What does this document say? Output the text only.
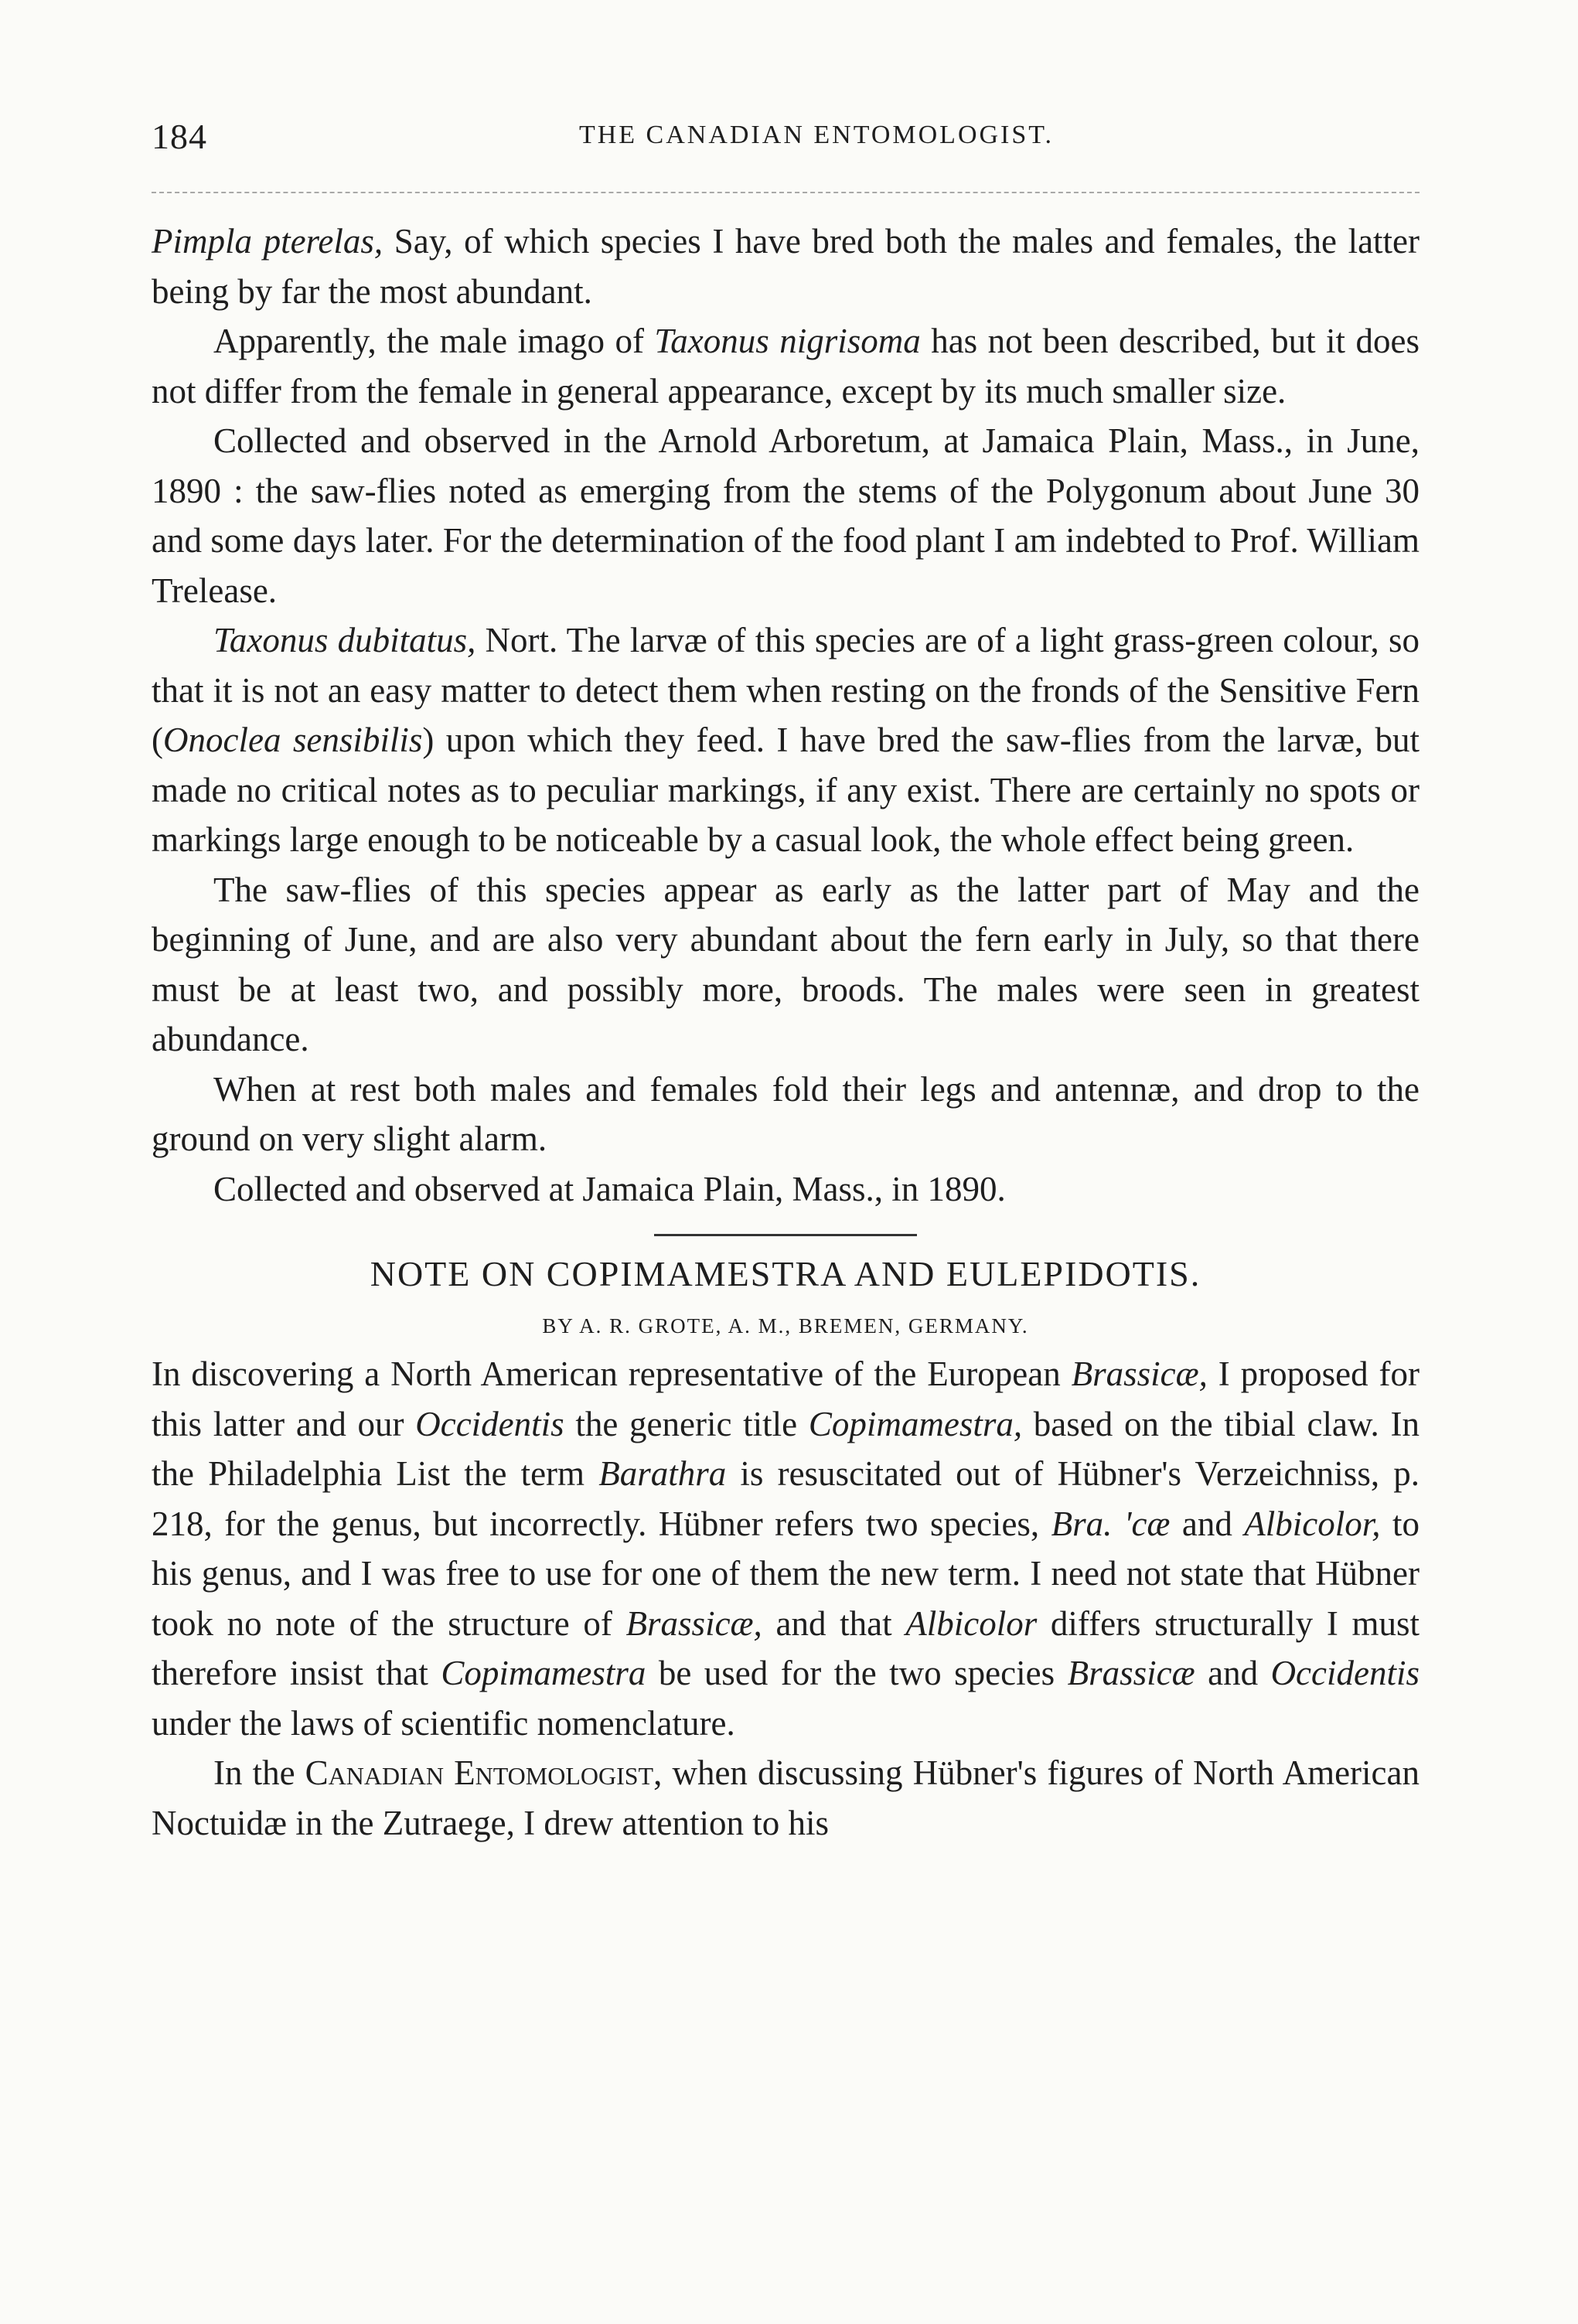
184	THE CANADIAN ENTOMOLOGIST.

Pimpla pterelas, Say, of which species I have bred both the males and females, the latter being by far the most abundant.

Apparently, the male imago of Taxonus nigrisoma has not been described, but it does not differ from the female in general appearance, except by its much smaller size.

Collected and observed in the Arnold Arboretum, at Jamaica Plain, Mass., in June, 1890 : the saw-flies noted as emerging from the stems of the Polygonum about June 30 and some days later. For the determination of the food plant I am indebted to Prof. William Trelease.

Taxonus dubitatus, Nort. The larvæ of this species are of a light grass-green colour, so that it is not an easy matter to detect them when resting on the fronds of the Sensitive Fern (Onoclea sensibilis) upon which they feed. I have bred the saw-flies from the larvæ, but made no critical notes as to peculiar markings, if any exist. There are certainly no spots or markings large enough to be noticeable by a casual look, the whole effect being green.

The saw-flies of this species appear as early as the latter part of May and the beginning of June, and are also very abundant about the fern early in July, so that there must be at least two, and possibly more, broods. The males were seen in greatest abundance.

When at rest both males and females fold their legs and antennæ, and drop to the ground on very slight alarm.

Collected and observed at Jamaica Plain, Mass., in 1890.

NOTE ON COPIMAMESTRA AND EULEPIDOTIS.
BY A. R. GROTE, A. M., BREMEN, GERMANY.

In discovering a North American representative of the European Brassicæ, I proposed for this latter and our Occidentis the generic title Copimamestra, based on the tibial claw. In the Philadelphia List the term Barathra is resuscitated out of Hübner's Verzeichniss, p. 218, for the genus, but incorrectly. Hübner refers two species, Bra. 'cæ and Albicolor, to his genus, and I was free to use for one of them the new term. I need not state that Hübner took no note of the structure of Brassicæ, and that Albicolor differs structurally I must therefore insist that Copimamestra be used for the two species Brassicæ and Occidentis under the laws of scientific nomenclature.

In the Canadian Entomologist, when discussing Hübner's figures of North American Noctuidæ in the Zutraege, I drew attention to his
